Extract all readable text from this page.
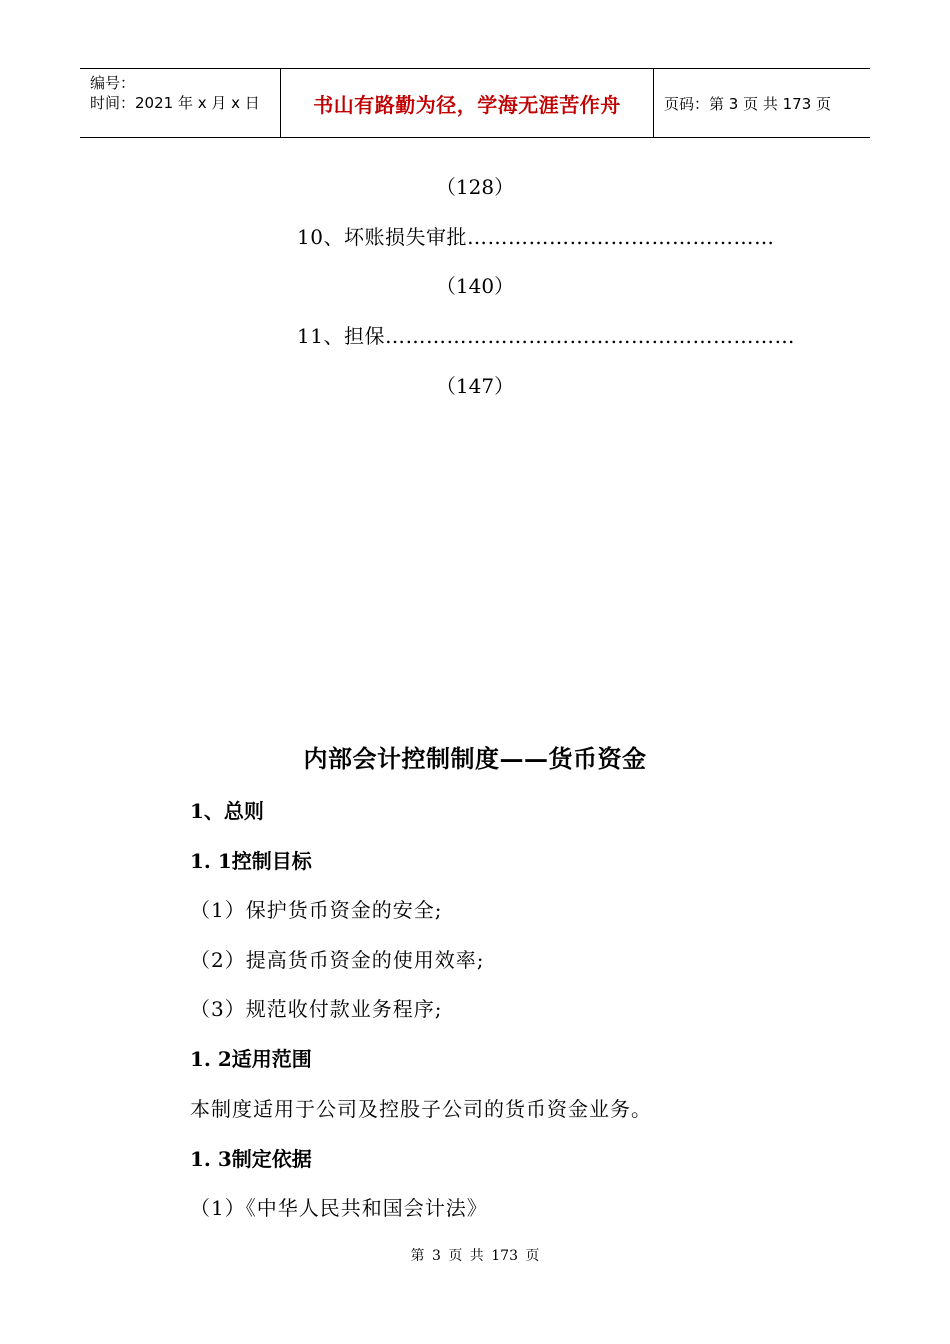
编号：
时间：2021 年 x 月 x 日	书山有路勤为径，学海无涯苦作舟	页码：第 3 页 共 173 页
（128）
10、坏账损失审批………………………………………
（140）
11、担保……………………………………………………
（147）
内部会计控制制度——货币资金
1、总则
1. 1控制目标
（1）保护货币资金的安全;
（2）提高货币资金的使用效率;
（3）规范收付款业务程序;
1. 2适用范围
本制度适用于公司及控股子公司的货币资金业务。
1. 3制定依据
（1）《中华人民共和国会计法》
第 3 页 共 173 页
